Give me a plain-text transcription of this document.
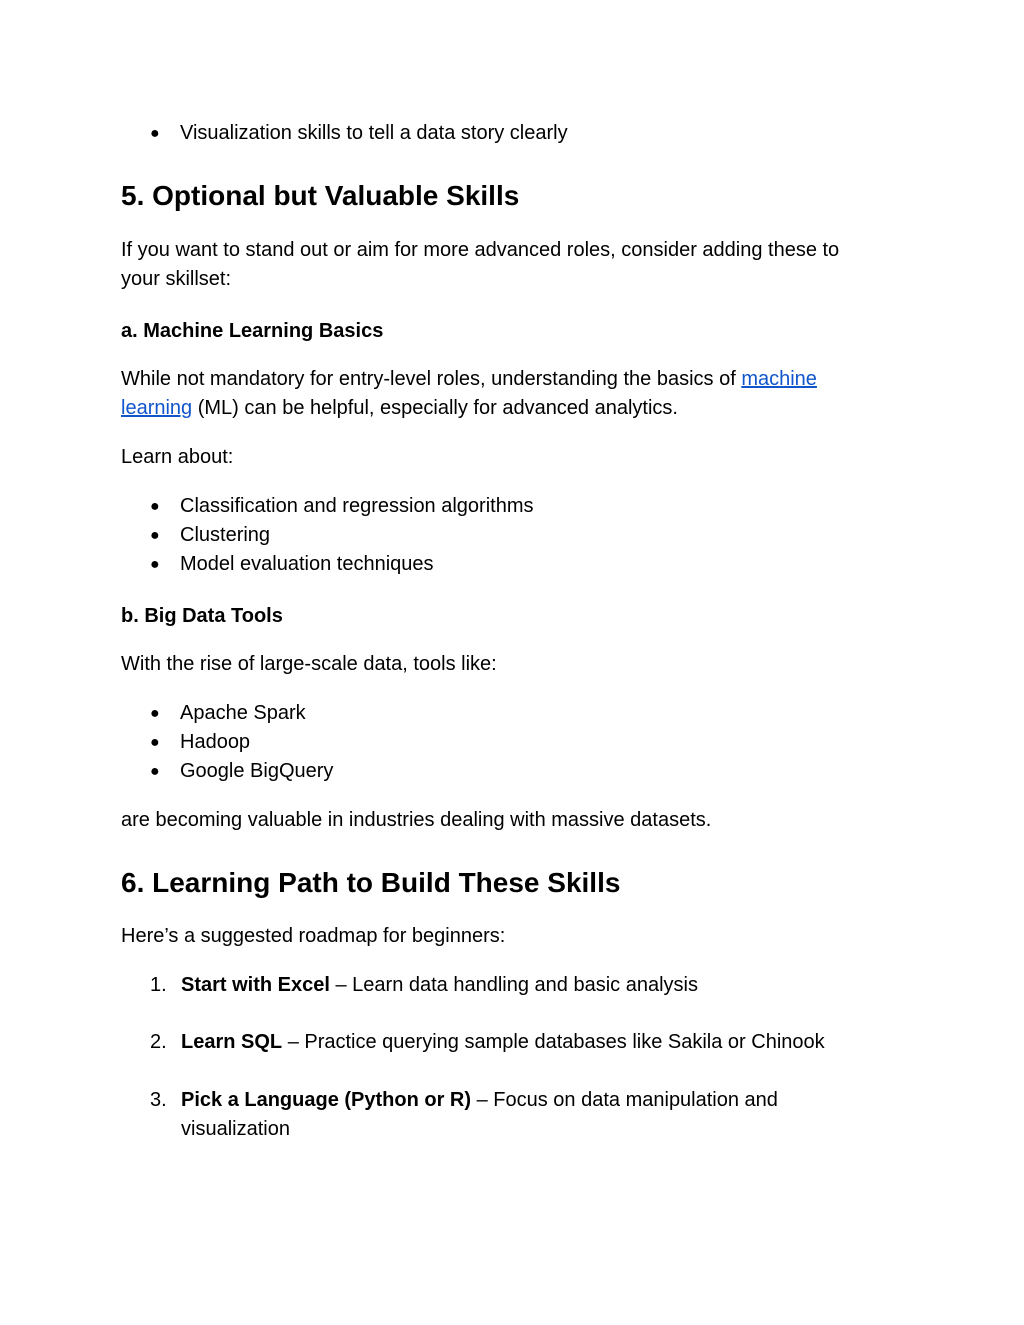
● Visualization skills to tell a data story clearly
5. Optional but Valuable Skills
If you want to stand out or aim for more advanced roles, consider adding these to
your skillset:
a. Machine Learning Basics
While not mandatory for entry-level roles, understanding the basics of machine
learning (ML) can be helpful, especially for advanced analytics.

Learn about:

● Classification and regression algorithms
● Clustering
● Model evaluation techniques
b. Big Data Tools

With the rise of large-scale data, tools like:

● Apache Spark
● Hadoop
● Google BigQuery

are becoming valuable in industries dealing with massive datasets.

6. Learning Path to Build These Skills

Here’s a suggested roadmap for beginners:

1. Start with Excel – Learn data handling and basic analysis
2. Learn SQL – Practice querying sample databases like Sakila or Chinook
3. Pick a Language (Python or R) – Focus on data manipulation and visualization
